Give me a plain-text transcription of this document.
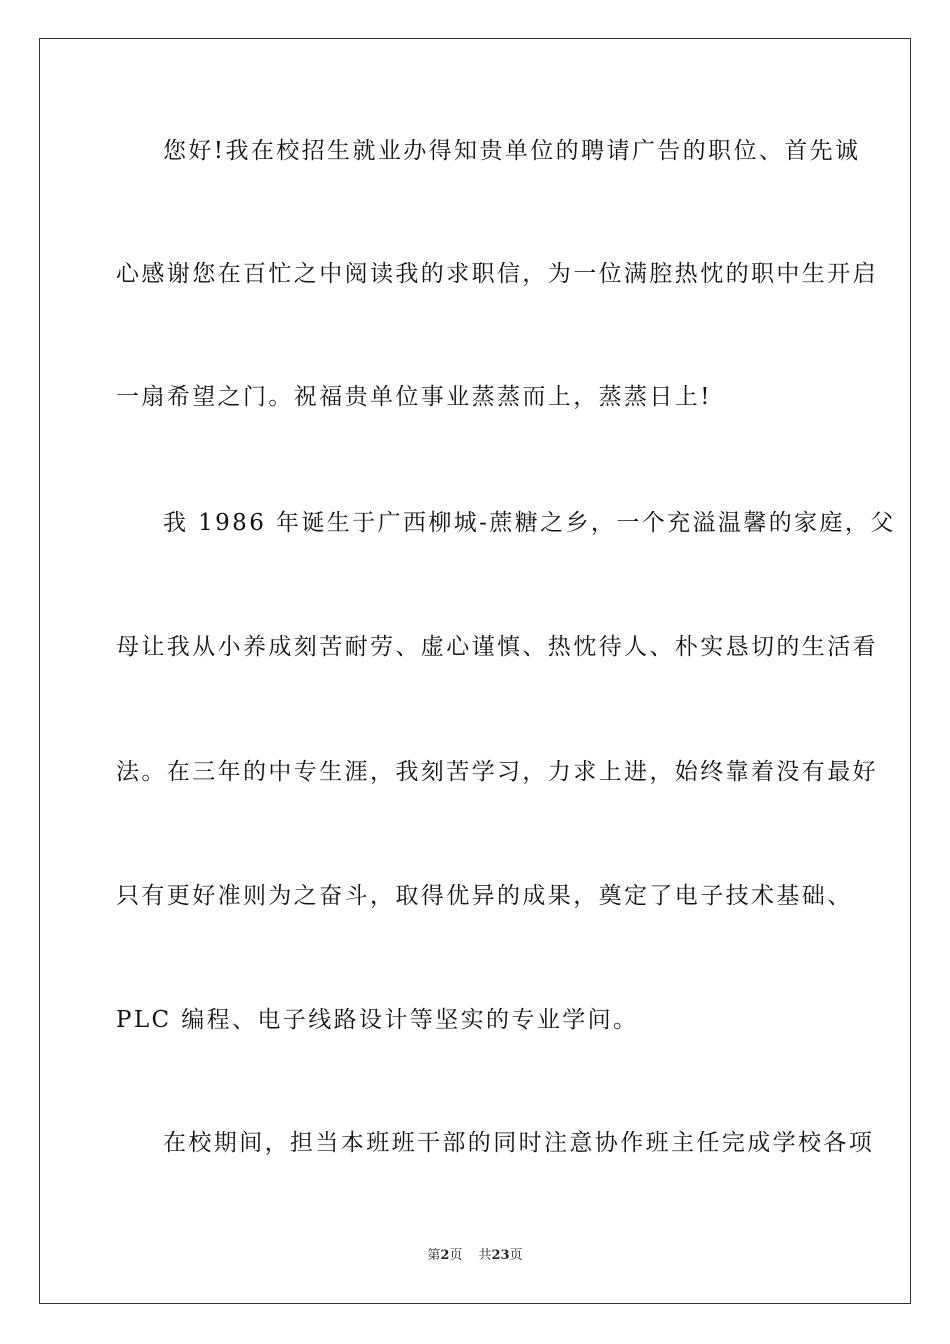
您好!我在校招生就业办得知贵单位的聘请广告的职位、首先诚
心感谢您在百忙之中阅读我的求职信，为一位满腔热忱的职中生开启
一扇希望之门。祝福贵单位事业蒸蒸而上，蒸蒸日上!
我 1986 年诞生于广西柳城-蔗糖之乡，一个充溢温馨的家庭，父
母让我从小养成刻苦耐劳、虚心谨慎、热忱待人、朴实恳切的生活看
法。在三年的中专生涯，我刻苦学习，力求上进，始终靠着没有最好
只有更好准则为之奋斗，取得优异的成果，奠定了电子技术基础、
PLC 编程、电子线路设计等坚实的专业学问。
在校期间，担当本班班干部的同时注意协作班主任完成学校各项
第2页 共23页
